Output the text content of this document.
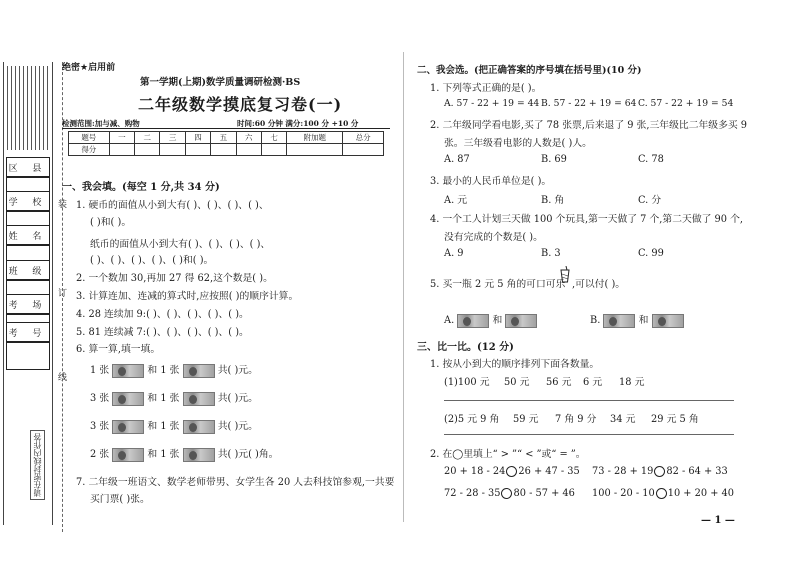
区 县
学 校
姓 名
班 级
考 场
考 号
装
订
线
请在密封线内作答
绝密★启用前
第一学期(上期)数学质量调研检测·BS
二年级数学摸底复习卷(一)
检测范围:加与减、购物	时间:60 分钟 满分:100 分 +10 分
题号	一	二	三	四	五	六	七	附加题	总分
得分									
一、我会填。(每空 1 分,共 34 分)
1. 硬币的面值从小到大有( )、( )、( )、( )、
( )和( )。
纸币的面值从小到大有( )、( )、( )、( )、
( )、( )、( )、( )、( )和( )。
2. 一个数加 30,再加 27 得 62,这个数是( )。
3. 计算连加、连减的算式时,应按照( )的顺序计算。
4. 28 连续加 9:( )、( )、( )、( )、( )。
5. 81 连续减 7:( )、( )、( )、( )、( )。
6. 算一算,填一填。
1 张	和 1 张	共( )元。
3 张	和 1 张	共( )元。
3 张	和 1 张	共( )元。
2 张	和 1 张	共( )元( )角。
7. 二年级一班语文、数学老师带男、女学生各 20 人去科技馆参观,一共要
买门票( )张。
二、我会选。(把正确答案的序号填在括号里)(10 分)
1. 下列等式正确的是( )。
A. 57 - 22 + 19 = 44 B. 57 - 22 + 19 = 64 C. 57 - 22 + 19 = 54
2. 二年级同学看电影,买了 78 张票,后来退了 9 张,三年级比二年级多买 9
张。三年级看电影的人数是( )人。
A. 87	B. 69	C. 78
3. 最小的人民币单位是( )。
A. 元	B. 角	C. 分
4. 一个工人计划三天做 100 个玩具,第一天做了 7 个,第二天做了 90 个,
没有完成的个数是( )。
A. 9	B. 3	C. 99
5. 买一瓶 2 元 5 角的可口可乐 ,可以付( )。
A.	和	B.	和
三、比一比。(12 分)
1. 按从小到大的顺序排列下面各数量。
(1)100 元 50 元 56 元 6 元 18 元
(2)5 元 9 角 59 元 7 角 9 分 34 元 29 元 5 角
2. 在◯里填上“ > ”“ < ”或“ = ”。
20 + 18 - 24 26 + 47 - 35 73 - 28 + 19 82 - 64 + 33
72 - 28 - 35 80 - 57 + 46 100 - 20 - 10 10 + 20 + 40
— 1 —
